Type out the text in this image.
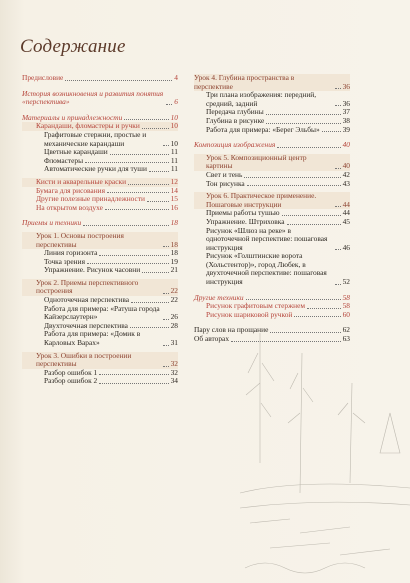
Содержание
Предисловие	4
История возникновения и развития понятия «перспектива»	6
Материалы и принадлежности	10
Карандаши, фломастеры и ручки	10
Графитовые стержни, простые и механические карандаши	10
Цветные карандаши	11
Фломастеры	11
Автоматические ручки для туши	11
Кисти и акварельные краски	12
Бумага для рисования	14
Другие полезные принадлежности	15
На открытом воздухе	16
Приемы и техники	18
Урок 1. Основы построения перспективы	18
Линия горизонта	18
Точка зрения	19
Упражнение. Рисунок часовни	21
Урок 2. Приемы перспективного построения	22
Одноточечная перспектива	22
Работа для примера: «Ратуша города Кайзерслаутерн»	26
Двухточечная перспектива	28
Работа для примера: «Домик в Карловых Варах»	31
Урок 3. Ошибки в построении перспективы	32
Разбор ошибок 1	32
Разбор ошибок 2	34
Урок 4. Глубина пространства в перспективе	36
Три плана изображения: передний, средний, задний	36
Передача глубины	37
Глубина в рисунке	38
Работа для примера: «Берег Эльбы»	39
Композиция изображения	40
Урок 5. Композиционный центр картины	40
Свет и тень	42
Тон рисунка	43
Урок 6. Практическое применение. Пошаговые инструкции	44
Приемы работы тушью	44
Упражнение. Штриховка	45
Рисунок «Шлюз на реке» в одноточечной перспективе: пошаговая инструкция	46
Рисунок «Голштинские ворота (Хольстентор)», город Любек, в двухточечной перспективе: пошаговая инструкция	52
Другие техники	58
Рисунок графитовым стержнем	58
Рисунок шариковой ручкой	60
Пару слов на прощание	62
Об авторах	63
